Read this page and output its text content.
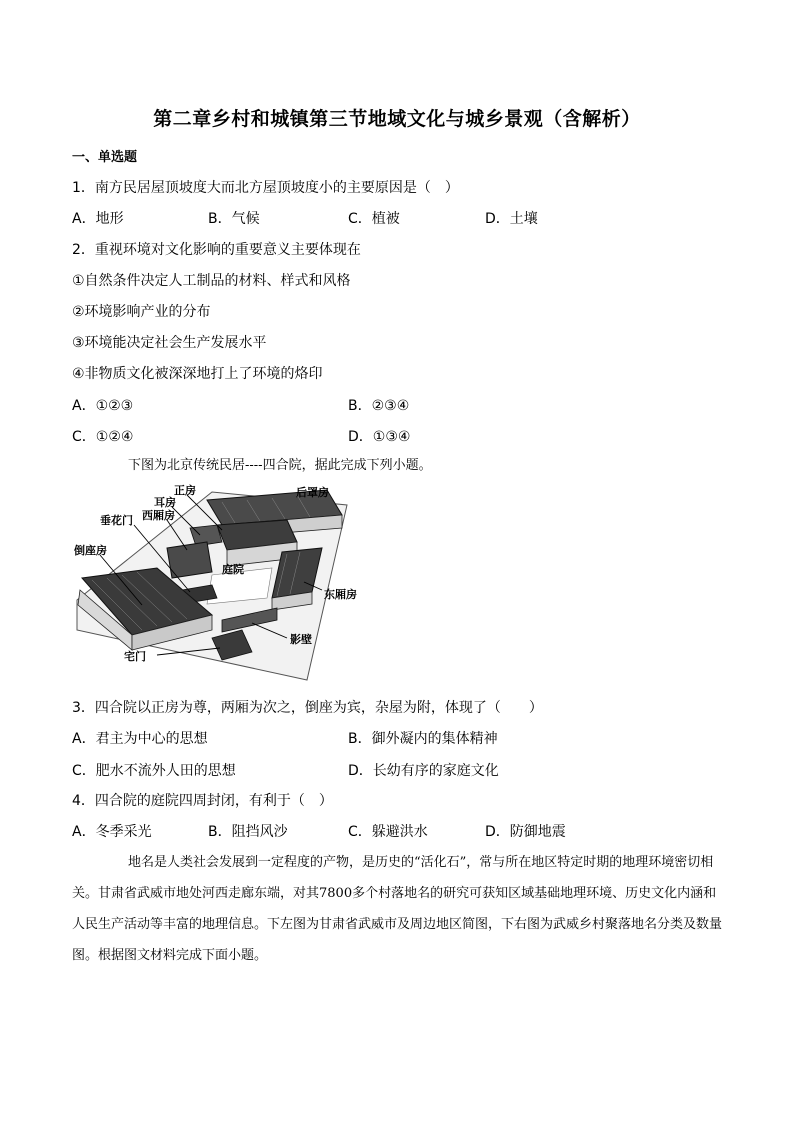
第二章乡村和城镇第三节地域文化与城乡景观（含解析）
一、单选题
1．南方民居屋顶坡度大而北方屋顶坡度小的主要原因是（　）
A．地形	B．气候	C．植被	D．土壤
2．重视环境对文化影响的重要意义主要体现在
①自然条件决定人工制品的材料、样式和风格
②环境影响产业的分布
③环境能决定社会生产发展水平
④非物质文化被深深地打上了环境的烙印
A．①②③	B．②③④
C．①②④	D．①③④
下图为北京传统民居----四合院，据此完成下列小题。
正房	后罩房
耳房
西厢房
垂花门
倒座房
庭院
东厢房
影壁
宅门
3．四合院以正房为尊，两厢为次之，倒座为宾，杂屋为附，体现了（　　）
A．君主为中心的思想	B．御外凝内的集体精神
C．肥水不流外人田的思想	D．长幼有序的家庭文化
4．四合院的庭院四周封闭，有利于（　）
A．冬季采光	B．阻挡风沙	C．躲避洪水	D．防御地震
地名是人类社会发展到一定程度的产物，是历史的“活化石”，常与所在地区特定时期的地理环境密切相关。甘肃省武威市地处河西走廊东端，对其7800多个村落地名的研究可获知区域基础地理环境、历史文化内涵和人民生产活动等丰富的地理信息。下左图为甘肃省武威市及周边地区简图，下右图为武威乡村聚落地名分类及数量图。根据图文材料完成下面小题。
